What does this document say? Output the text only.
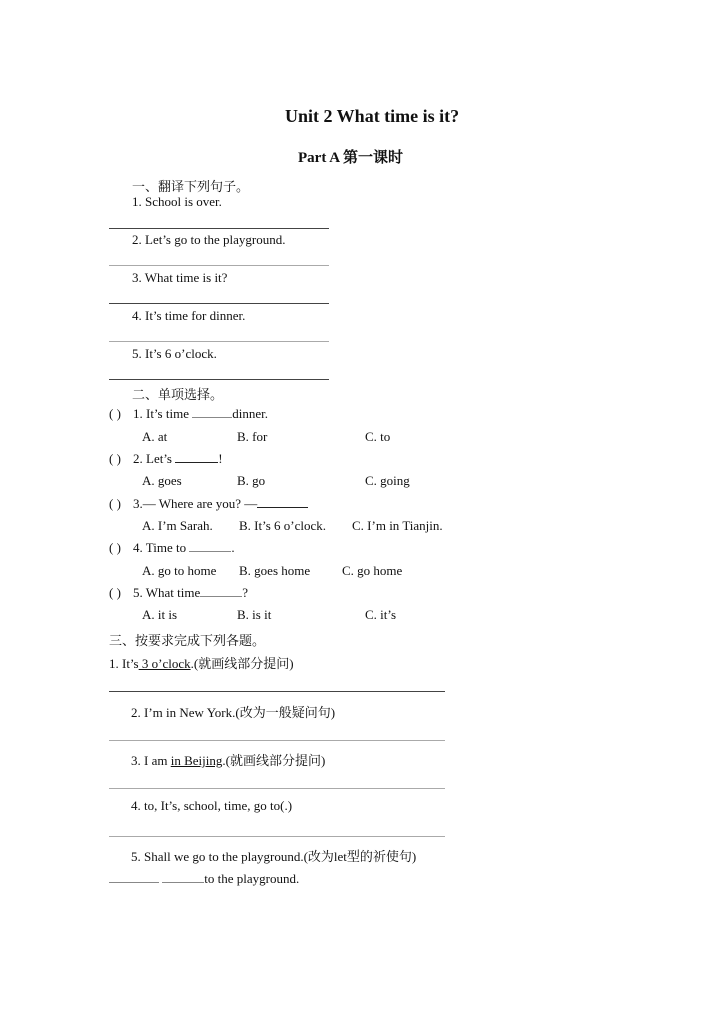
Unit 2 What time is it?
Part A 第一课时
一、翻译下列句子。
1. School is over.
2. Let’s go to the playground.
3. What time is it?
4. It’s time for dinner.
5. It’s 6 o’clock.
二、单项选择。
( ) 1. It’s time	dinner.
A. at	B. for	C. to
( ) 2. Let’s	!
A. goes	B. go	C. going
( ) 3.— Where are you? —
A. I’m Sarah. B. It’s 6 o’clock. C. I’m in Tianjin.
( ) 4. Time to	.
A. go to home B. goes home C. go home
( ) 5. What time	?
A. it is	B. is it	C. it’s
三、按要求完成下列各题。
1. It’s 3 o’clock.(就画线部分提问)
2. I’m in New York.(改为一般疑问句)
3. I am in Beijing.(就画线部分提问)
4. to, It’s, school, time, go to(.)
5. Shall we go to the playground.(改为let型的祈使句)
to the playground.
